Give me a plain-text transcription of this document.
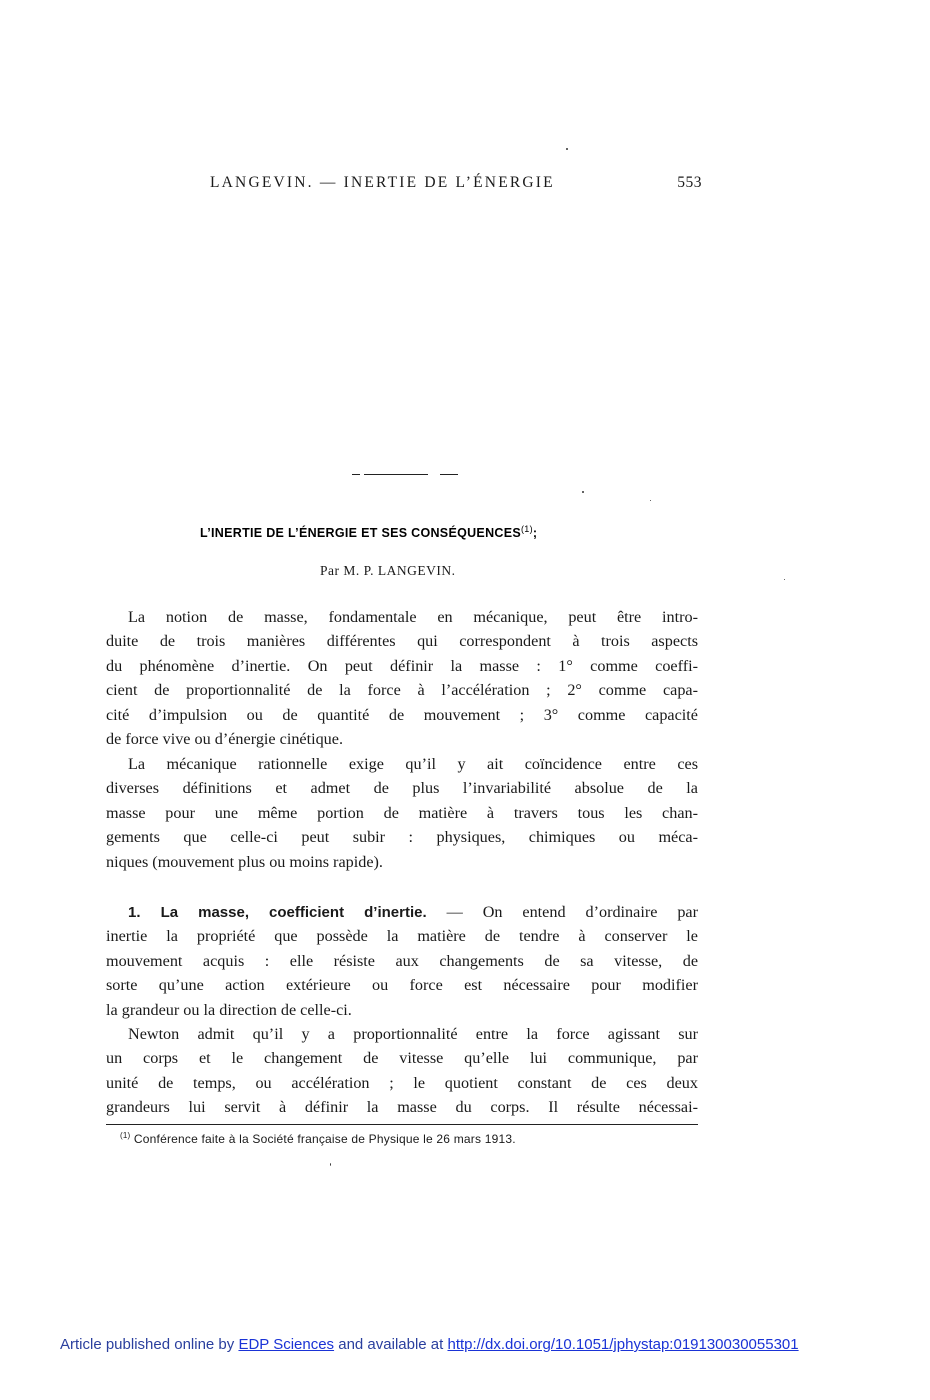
LANGEVIN. — INERTIE DE L’ÉNERGIE	553
L’INERTIE DE L’ÉNERGIE ET SES CONSÉQUENCES$^{(1)}$;
Par M. P. LANGEVIN.
La notion de masse, fondamentale en mécanique, peut être intro-
duite de trois manières différentes qui correspondent à trois aspects
du phénomène d’inertie. On peut définir la masse : 1° comme coeffi-
cient de proportionnalité de la force à l’accélération ; 2° comme capa-
cité d’impulsion ou de quantité de mouvement ; 3° comme capacité
de force vive ou d’énergie cinétique.
La mécanique rationnelle exige qu’il y ait coïncidence entre ces
diverses définitions et admet de plus l’invariabilité absolue de la
masse pour une même portion de matière à travers tous les chan-
gements que celle-ci peut subir : physiques, chimiques ou méca-
niques (mouvement plus ou moins rapide).
1. La masse, coefficient d’inertie. — On entend d’ordinaire par
inertie la propriété que possède la matière de tendre à conserver le
mouvement acquis : elle résiste aux changements de sa vitesse, de
sorte qu’une action extérieure ou force est nécessaire pour modifier
la grandeur ou la direction de celle-ci.
Newton admit qu’il y a proportionnalité entre la force agissant sur
un corps et le changement de vitesse qu’elle lui communique, par
unité de temps, ou accélération ; le quotient constant de ces deux
grandeurs lui servit à définir la masse du corps. Il résulte nécessai-
$^{(1)}$ Conférence faite à la Société française de Physique le 26 mars 1913.
Article published online by EDP Sciences and available at http://dx.doi.org/10.1051/jphystap:019130030055301
